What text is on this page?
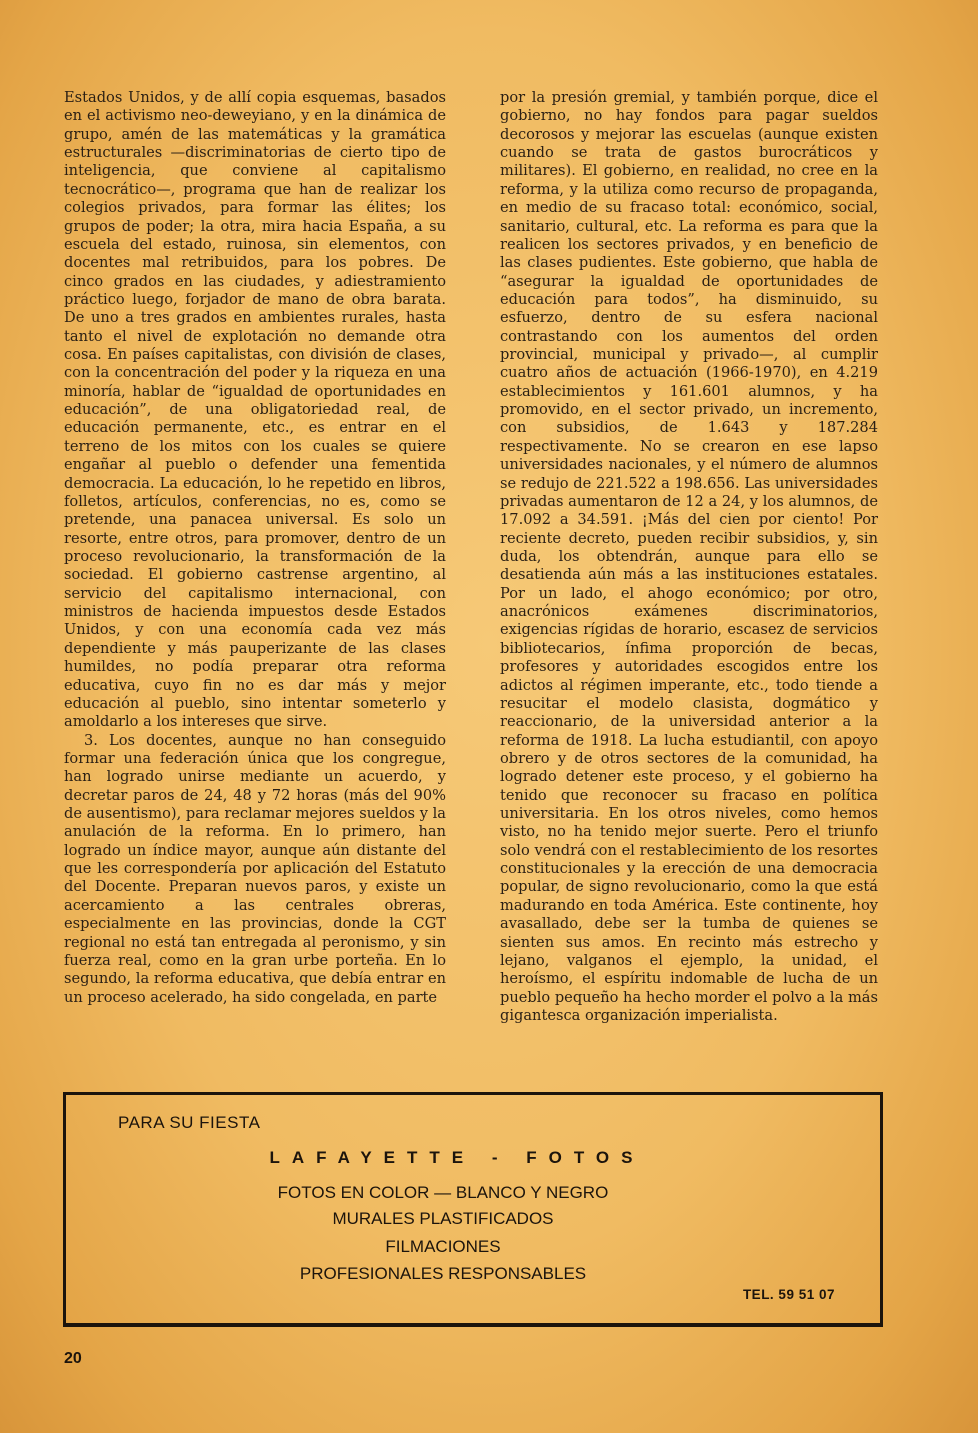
Estados Unidos, y de allí copia esquemas, basados en el activismo neo-deweyiano, y en la dinámica de grupo, amén de las matemáticas y la gramática estructurales —discriminatorias de cierto tipo de inteligencia, que conviene al capitalismo tecnocrático—, programa que han de realizar los colegios privados, para formar las élites; los grupos de poder; la otra, mira hacia España, a su escuela del estado, ruinosa, sin elementos, con docentes mal retribuidos, para los pobres. De cinco grados en las ciudades, y adiestramiento práctico luego, forjador de mano de obra barata. De uno a tres grados en ambientes rurales, hasta tanto el nivel de explotación no demande otra cosa. En países capitalistas, con división de clases, con la concentración del poder y la riqueza en una minoría, hablar de “igualdad de oportunidades en educación”, de una obligatoriedad real, de educación permanente, etc., es entrar en el terreno de los mitos con los cuales se quiere engañar al pueblo o defender una fementida democracia. La educación, lo he repetido en libros, folletos, artículos, conferencias, no es, como se pretende, una panacea universal. Es solo un resorte, entre otros, para promover, dentro de un proceso revolucionario, la transformación de la sociedad. El gobierno castrense argentino, al servicio del capitalismo internacional, con ministros de hacienda impuestos desde Estados Unidos, y con una economía cada vez más dependiente y más pauperizante de las clases humildes, no podía preparar otra reforma educativa, cuyo fin no es dar más y mejor educación al pueblo, sino intentar someterlo y amoldarlo a los intereses que sirve.

3. Los docentes, aunque no han conseguido formar una federación única que los congregue, han logrado unirse mediante un acuerdo, y decretar paros de 24, 48 y 72 horas (más del 90% de ausentismo), para reclamar mejores sueldos y la anulación de la reforma. En lo primero, han logrado un índice mayor, aunque aún distante del que les correspondería por aplicación del Estatuto del Docente. Preparan nuevos paros, y existe un acercamiento a las centrales obreras, especialmente en las provincias, donde la CGT regional no está tan entregada al peronismo, y sin fuerza real, como en la gran urbe porteña. En lo segundo, la reforma educativa, que debía entrar en un proceso acelerado, ha sido congelada, en parte

por la presión gremial, y también porque, dice el gobierno, no hay fondos para pagar sueldos decorosos y mejorar las escuelas (aunque existen cuando se trata de gastos burocráticos y militares). El gobierno, en realidad, no cree en la reforma, y la utiliza como recurso de propaganda, en medio de su fracaso total: económico, social, sanitario, cultural, etc. La reforma es para que la realicen los sectores privados, y en beneficio de las clases pudientes. Este gobierno, que habla de “asegurar la igualdad de oportunidades de educación para todos”, ha disminuido, su esfuerzo, dentro de su esfera nacional contrastando con los aumentos del orden provincial, municipal y privado—, al cumplir cuatro años de actuación (1966-1970), en 4.219 establecimientos y 161.601 alumnos, y ha promovido, en el sector privado, un incremento, con subsidios, de 1.643 y 187.284 respectivamente. No se crearon en ese lapso universidades nacionales, y el número de alumnos se redujo de 221.522 a 198.656. Las universidades privadas aumentaron de 12 a 24, y los alumnos, de 17.092 a 34.591. ¡Más del cien por ciento! Por reciente decreto, pueden recibir subsidios, y, sin duda, los obtendrán, aunque para ello se desatienda aún más a las instituciones estatales. Por un lado, el ahogo económico; por otro, anacrónicos exámenes discriminatorios, exigencias rígidas de horario, escasez de servicios bibliotecarios, ínfima proporción de becas, profesores y autoridades escogidos entre los adictos al régimen imperante, etc., todo tiende a resucitar el modelo clasista, dogmático y reaccionario, de la universidad anterior a la reforma de 1918. La lucha estudiantil, con apoyo obrero y de otros sectores de la comunidad, ha logrado detener este proceso, y el gobierno ha tenido que reconocer su fracaso en política universitaria. En los otros niveles, como hemos visto, no ha tenido mejor suerte. Pero el triunfo solo vendrá con el restablecimiento de los resortes constitucionales y la erección de una democracia popular, de signo revolucionario, como la que está madurando en toda América. Este continente, hoy avasallado, debe ser la tumba de quienes se sienten sus amos. En recinto más estrecho y lejano, valganos el ejemplo, la unidad, el heroísmo, el espíritu indomable de lucha de un pueblo pequeño ha hecho morder el polvo a la más gigantesca organización imperialista.

PARA SU FIESTA
LAFAYETTE - FOTOS
FOTOS EN COLOR — BLANCO Y NEGRO
MURALES PLASTIFICADOS
FILMACIONES
PROFESIONALES RESPONSABLES
TEL. 59 51 07
20
